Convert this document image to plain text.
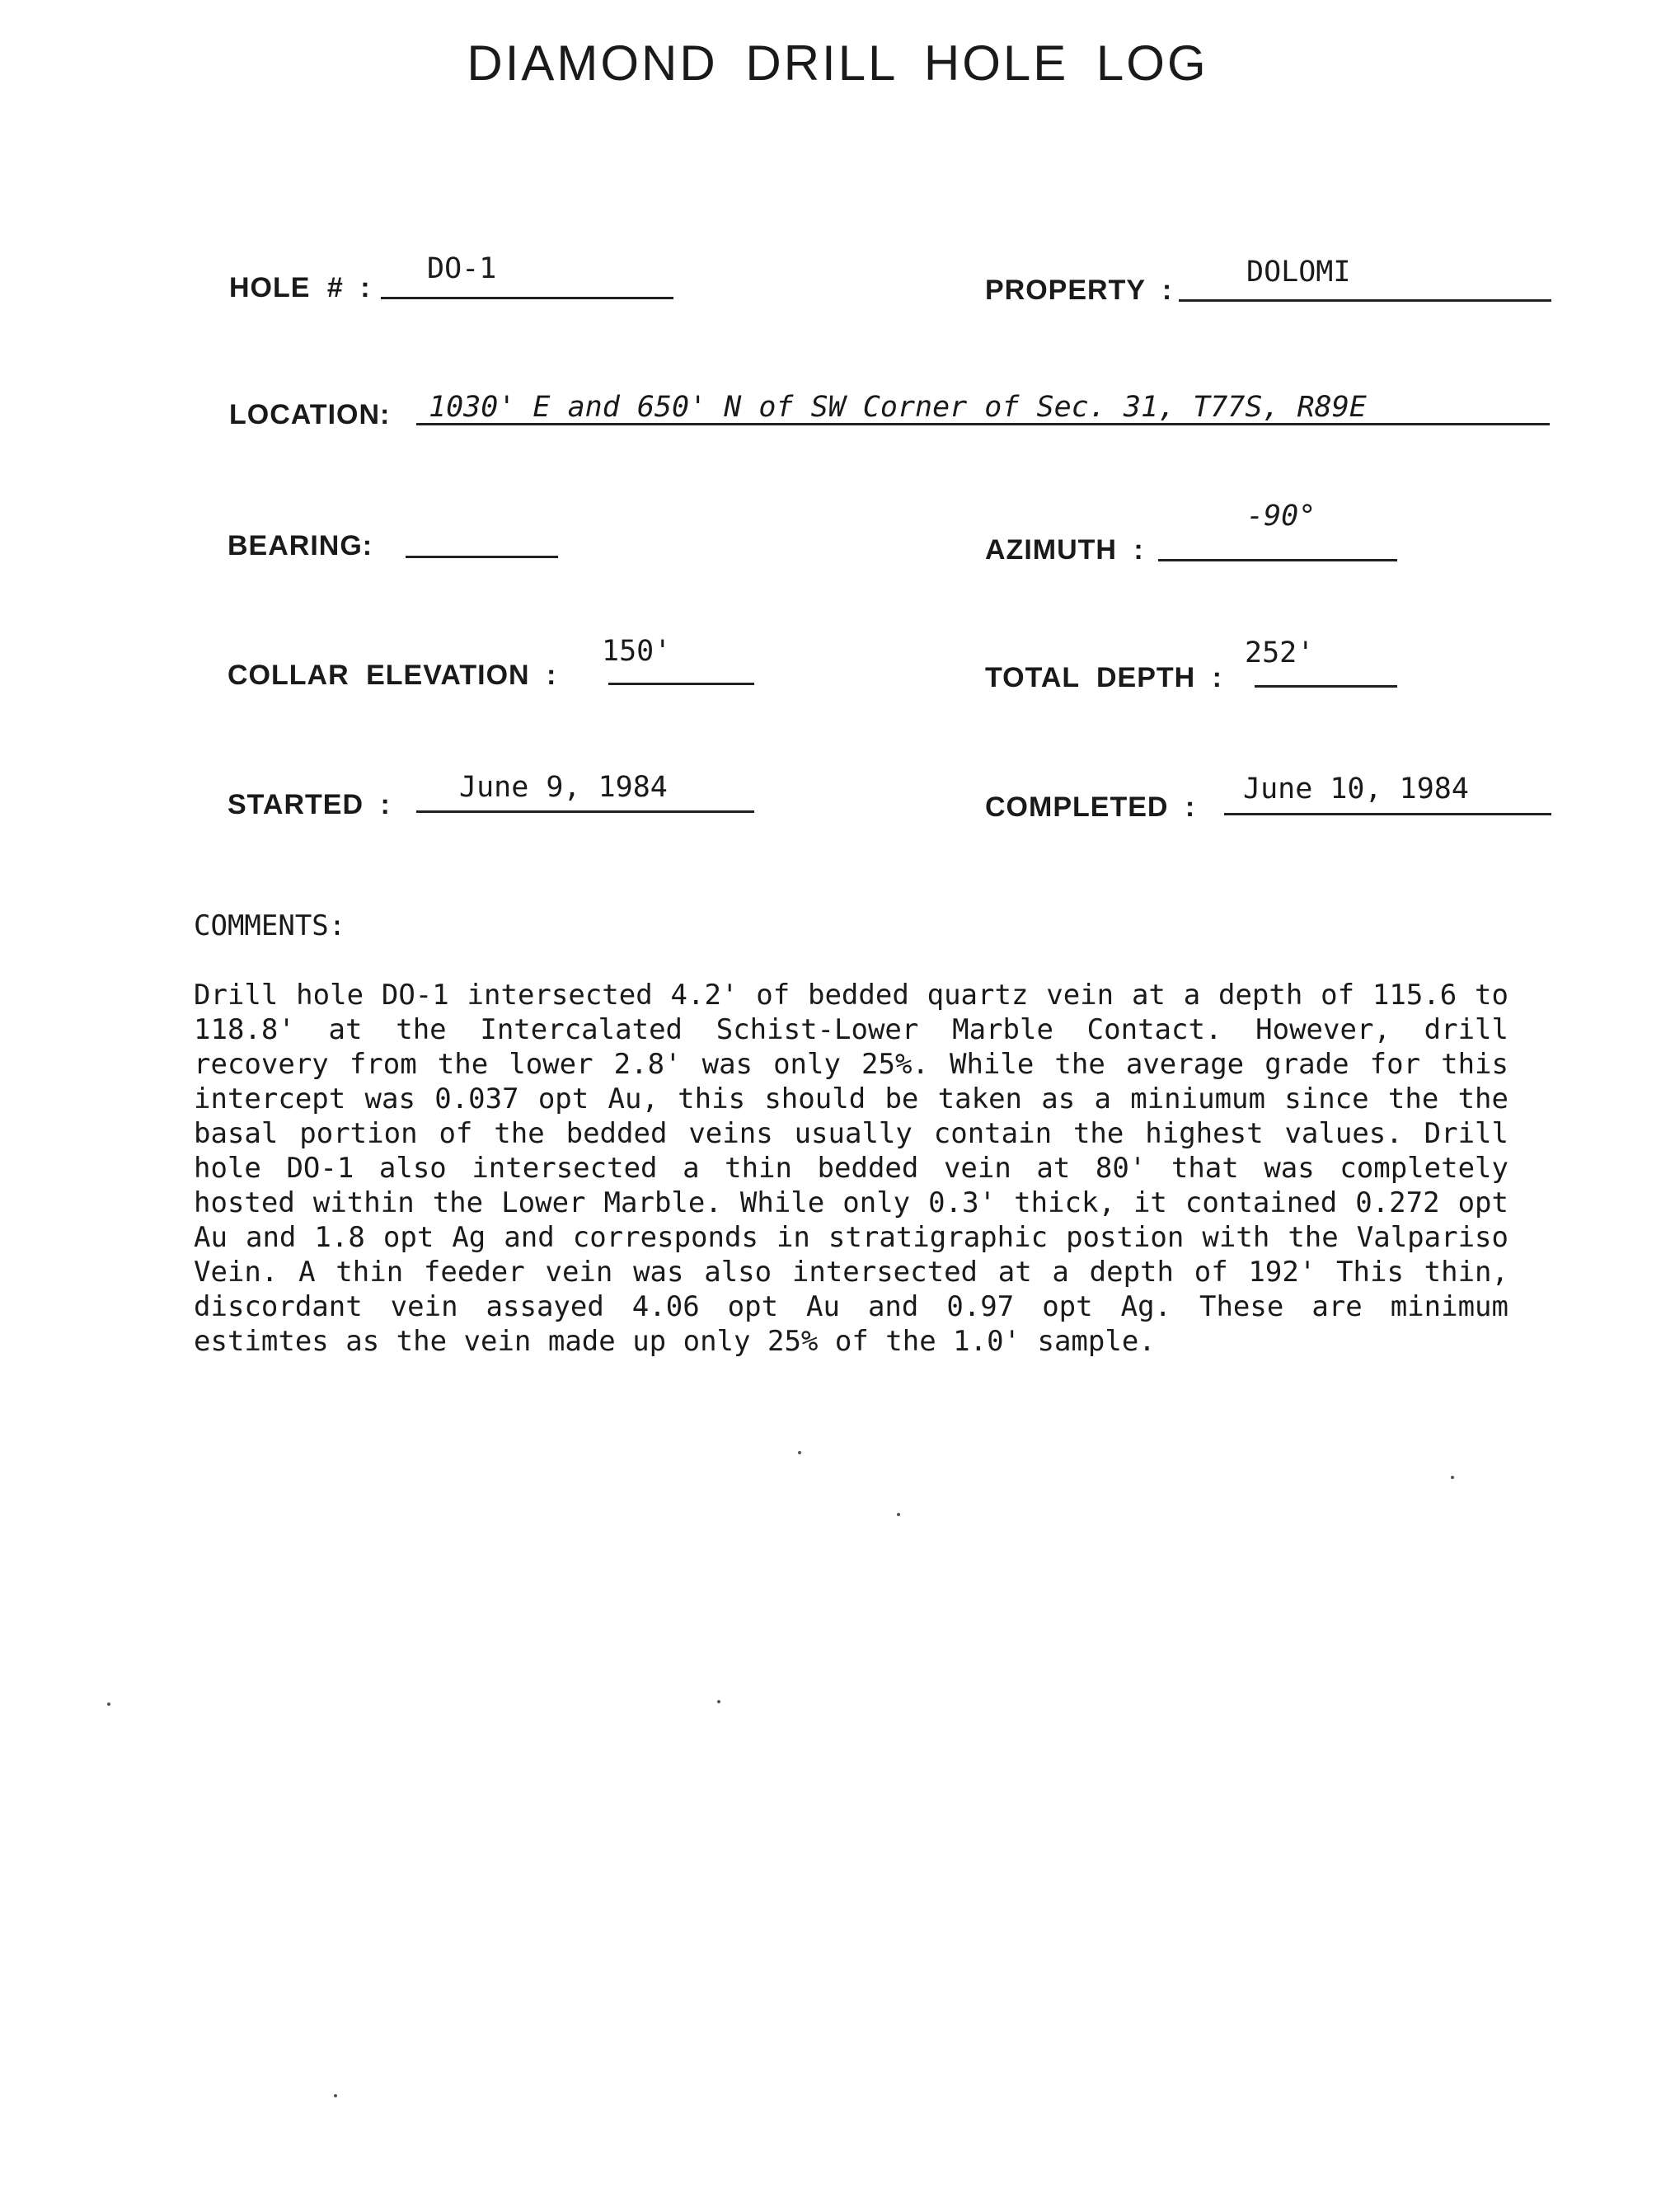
DIAMOND DRILL HOLE LOG
HOLE # :
DO-1
PROPERTY :
DOLOMI
LOCATION: 1030' E and 650' N of SW Corner of Sec. 31, T77S, R89E
BEARING:	AZIMUTH :
-90°
COLLAR ELEVATION :
150'
TOTAL DEPTH :
252'
STARTED :
June 9, 1984
COMPLETED :
June 10, 1984
COMMENTS:
Drill hole DO-1 intersected 4.2' of bedded quartz vein at a depth of 115.6 to 118.8' at the Intercalated Schist-Lower Marble Contact. However, drill recovery from the lower 2.8' was only 25%. While the average grade for this intercept was 0.037 opt Au, this should be taken as a miniumum since the the basal portion of the bedded veins usually contain the highest values. Drill hole DO-1 also intersected a thin bedded vein at 80' that was completely hosted within the Lower Marble. While only 0.3' thick, it contained 0.272 opt Au and 1.8 opt Ag and corresponds in stratigraphic postion with the Valpariso Vein. A thin feeder vein was also intersected at a depth of 192' This thin, discordant vein assayed 4.06 opt Au and 0.97 opt Ag. These are minimum estimtes as the vein made up only 25% of the 1.0' sample.
